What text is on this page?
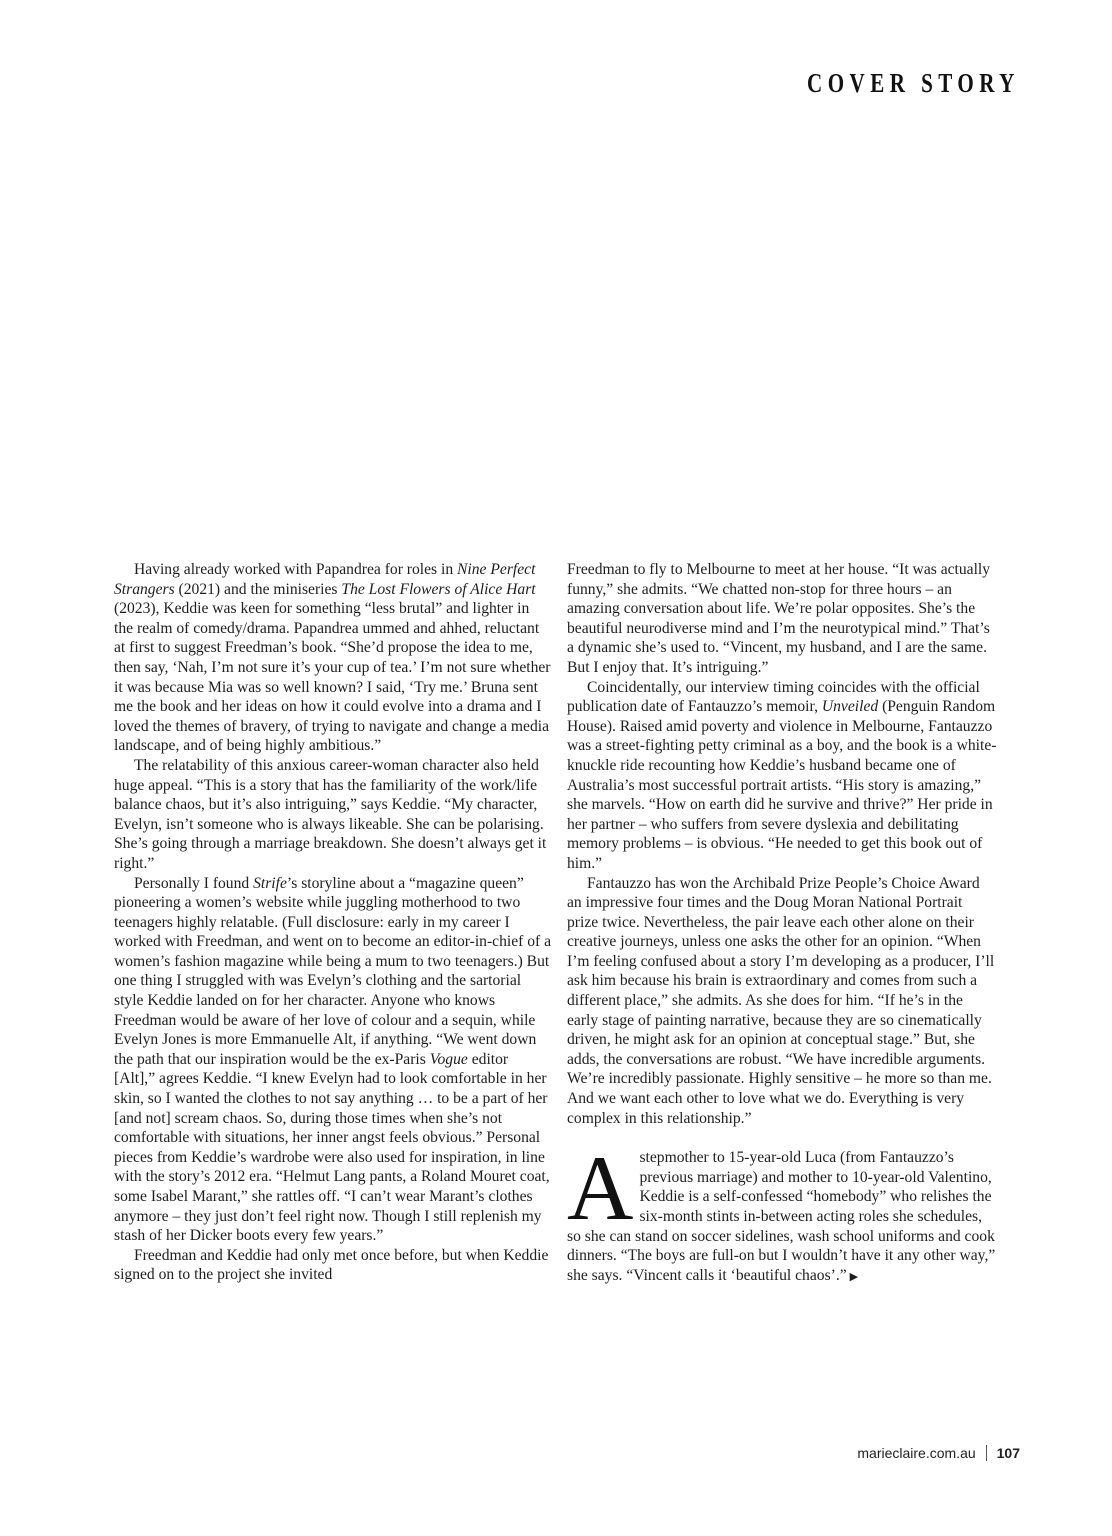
COVER STORY

Having already worked with Papandrea for roles in Nine Perfect Strangers (2021) and the miniseries The Lost Flowers of Alice Hart (2023), Keddie was keen for something “less brutal” and lighter in the realm of comedy/drama. Papandrea ummed and ahhed, reluctant at first to suggest Freedman’s book. “She’d propose the idea to me, then say, ‘Nah, I’m not sure it’s your cup of tea.’ I’m not sure whether it was because Mia was so well known? I said, ‘Try me.’ Bruna sent me the book and her ideas on how it could evolve into a drama and I loved the themes of bravery, of trying to navigate and change a media landscape, and of being highly ambitious.”

The relatability of this anxious career-woman character also held huge appeal. “This is a story that has the familiarity of the work/life balance chaos, but it’s also intriguing,” says Keddie. “My character, Evelyn, isn’t someone who is always likeable. She can be polarising. She’s going through a marriage breakdown. She doesn’t always get it right.”

Personally I found Strife’s storyline about a “magazine queen” pioneering a women’s website while juggling motherhood to two teenagers highly relatable. (Full disclosure: early in my career I worked with Freedman, and went on to become an editor-in-chief of a women’s fashion magazine while being a mum to two teenagers.) But one thing I struggled with was Evelyn’s clothing and the sartorial style Keddie landed on for her character. Anyone who knows Freedman would be aware of her love of colour and a sequin, while Evelyn Jones is more Emmanuelle Alt, if anything. “We went down the path that our inspiration would be the ex-Paris Vogue editor [Alt],” agrees Keddie. “I knew Evelyn had to look comfortable in her skin, so I wanted the clothes to not say anything … to be a part of her [and not] scream chaos. So, during those times when she’s not comfortable with situations, her inner angst feels obvious.” Personal pieces from Keddie’s wardrobe were also used for inspiration, in line with the story’s 2012 era. “Helmut Lang pants, a Roland Mouret coat, some Isabel Marant,” she rattles off. “I can’t wear Marant’s clothes anymore – they just don’t feel right now. Though I still replenish my stash of her Dicker boots every few years.”

Freedman and Keddie had only met once before, but when Keddie signed on to the project she invited

Freedman to fly to Melbourne to meet at her house. “It was actually funny,” she admits. “We chatted non-stop for three hours – an amazing conversation about life. We’re polar opposites. She’s the beautiful neurodiverse mind and I’m the neurotypical mind.” That’s a dynamic she’s used to. “Vincent, my husband, and I are the same. But I enjoy that. It’s intriguing.”

Coincidentally, our interview timing coincides with the official publication date of Fantauzzo’s memoir, Unveiled (Penguin Random House). Raised amid poverty and violence in Melbourne, Fantauzzo was a street-fighting petty criminal as a boy, and the book is a white-knuckle ride recounting how Keddie’s husband became one of Australia’s most successful portrait artists. “His story is amazing,” she marvels. “How on earth did he survive and thrive?” Her pride in her partner – who suffers from severe dyslexia and debilitating memory problems – is obvious. “He needed to get this book out of him.”

Fantauzzo has won the Archibald Prize People’s Choice Award an impressive four times and the Doug Moran National Portrait prize twice. Nevertheless, the pair leave each other alone on their creative journeys, unless one asks the other for an opinion. “When I’m feeling confused about a story I’m developing as a producer, I’ll ask him because his brain is extraordinary and comes from such a different place,” she admits. As she does for him. “If he’s in the early stage of painting narrative, because they are so cinematically driven, he might ask for an opinion at conceptual stage.” But, she adds, the conversations are robust. “We have incredible arguments. We’re incredibly passionate. Highly sensitive – he more so than me. And we want each other to love what we do. Everything is very complex in this relationship.”

Astepmother to 15-year-old Luca (from Fantauzzo’s previous marriage) and mother to 10-year-old Valentino, Keddie is a self-confessed “homebody” who relishes the six-month stints in-between acting roles she schedules, so she can stand on soccer sidelines, wash school uniforms and cook dinners. “The boys are full-on but I wouldn’t have it any other way,” she says. “Vincent calls it ‘beautiful chaos’.” ▶

marieclaire.com.au 107
